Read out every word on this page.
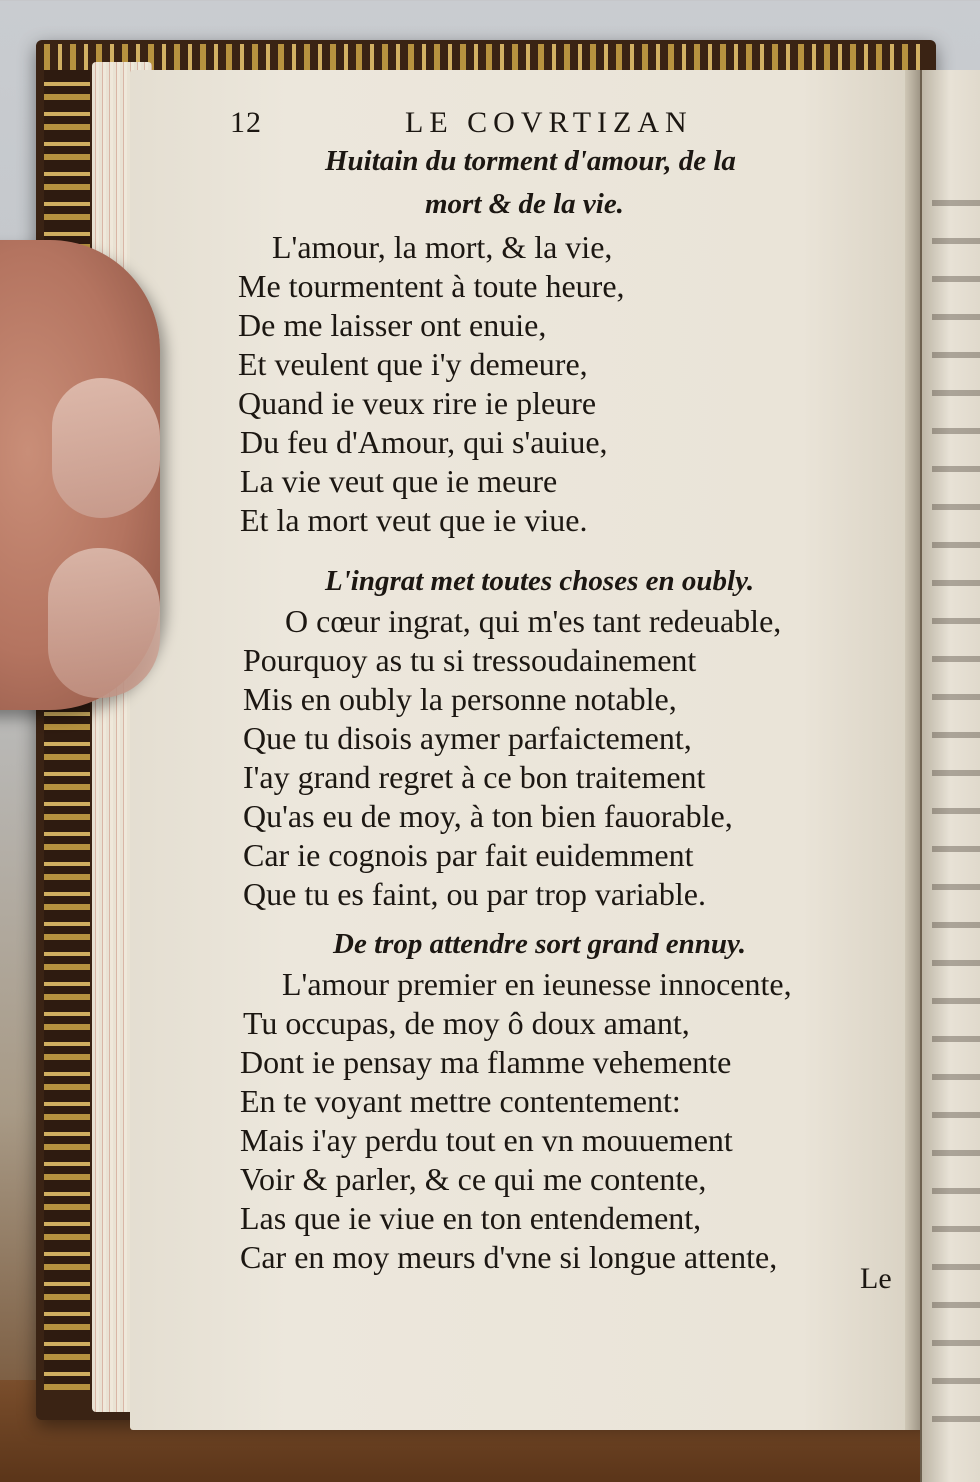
12	LE COVRTIZAN
Huitain du torment d'amour, de la
mort & de la vie.
L'amour, la mort, & la vie,
Me tourmentent à toute heure,
De me laisser ont enuie,
Et veulent que i'y demeure,
Quand ie veux rire ie pleure
Du feu d'Amour, qui s'auiue,
La vie veut que ie meure
Et la mort veut que ie viue.
L'ingrat met toutes choses en oubly.
O cœur ingrat, qui m'es tant redeuable,
Pourquoy as tu si tressoudainement
Mis en oubly la personne notable,
Que tu disois aymer parfaictement,
I'ay grand regret à ce bon traitement
Qu'as eu de moy, à ton bien fauorable,
Car ie cognois par fait euidemment
Que tu es faint, ou par trop variable.
De trop attendre sort grand ennuy.
L'amour premier en ieunesse innocente,
Tu occupas, de moy ô doux amant,
Dont ie pensay ma flamme vehemente
En te voyant mettre contentement:
Mais i'ay perdu tout en vn mouuement
Voir & parler, & ce qui me contente,
Las que ie viue en ton entendement,
Car en moy meurs d'vne si longue attente,
Le
